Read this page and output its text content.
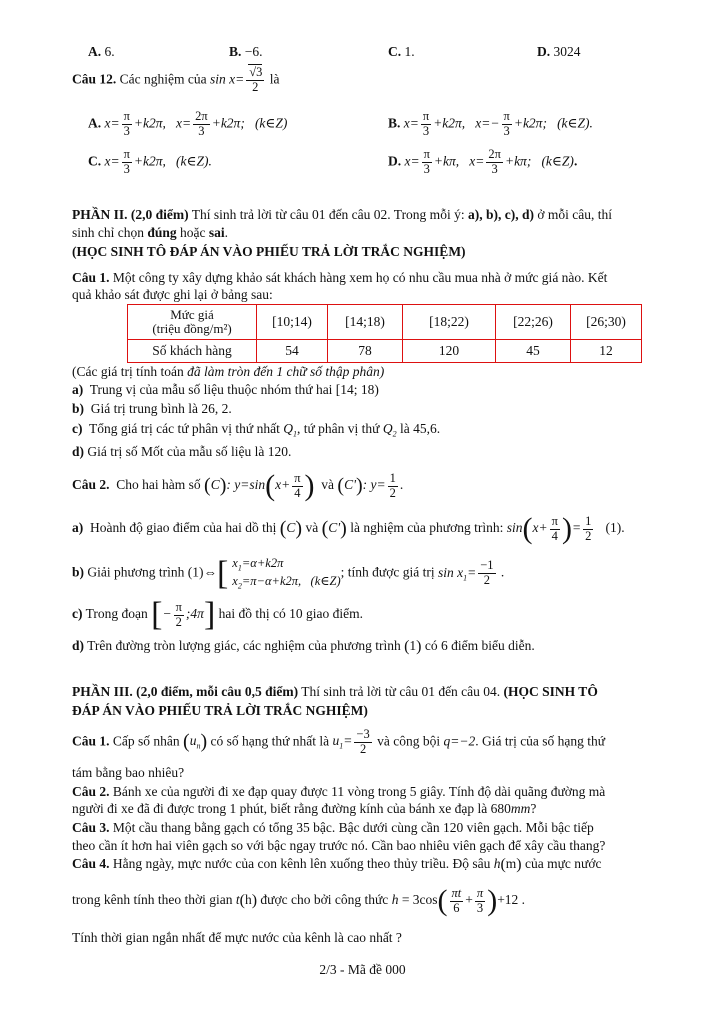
A. 6.	B. −6.	C. 1.	D. 3024
Câu 12. Các nghiệm của $\sin x= \frac{√3}{2}$ là
A. $x= \frac{\pi}{3} +k2\pi$,   $x= \frac{2\pi}{3} +k2\pi$;   (k∈Z)	B. $x= \frac{\pi}{3} +k2\pi$,   $x=- \frac{\pi}{3} +k2\pi$;   (k∈Z).
C. $x= \frac{\pi}{3} +k2\pi$,   (k∈Z).	D. $x= \frac{\pi}{3} +k\pi$,   $x= \frac{2\pi}{3} +k\pi$;   (k∈Z).
PHẦN II. (2,0 điểm) Thí sinh trả lời từ câu 01 đến câu 02. Trong mỗi ý: a), b), c), d) ở mỗi câu, thí
sinh chỉ chọn đúng hoặc sai.
(HỌC SINH TÔ ĐÁP ÁN VÀO PHIẾU TRẢ LỜI TRẮC NGHIỆM)
Câu 1. Một công ty xây dựng khảo sát khách hàng xem họ có nhu cầu mua nhà ở mức giá nào. Kết
quả khảo sát được ghi lại ở bảng sau:
Mức giá
(triệu đồng/m²)	[10;14)	[14;18)	[18;22)	[22;26)	[26;30)
Số khách hàng	54	78	120	45	12
(Các giá trị tính toán đã làm tròn đến 1 chữ số thập phân)
a) Trung vị của mẫu số liệu thuộc nhóm thứ hai [14; 18)
b) Giá trị trung bình là 26, 2.
c) Tổng giá trị các tứ phân vị thứ nhất $Q_1$, tứ phân vị thứ $Q_2$ là 45,6.
d) Giá trị số Mốt của mẫu số liệu là 120.
Câu 2. Cho hai hàm số (C): $y=\sin(x+ \frac{\pi}{4}$ ) và (C'): $y= \frac{1}{2}$ .
a) Hoành độ giao điểm của hai dồ thị (C) và (C') là nghiệm của phương trình: $\sin(x+ \frac{\pi}{4}$ )= $\frac{1}{2} (1)$.
b) Giải phương trình (1)⇔[ $x_1=\alpha+k2\pi$
$x_2=\pi-\alpha+k2\pi$,   (k∈Z)
; tính được giá trị $\sin x_1= \frac{-1}{2}$ .
c) Trong đoạn [− $\frac{\pi}{2}$ ;4π] hai đồ thị có 10 giao điểm.
d) Trên đường tròn lượng giác, các nghiệm của phương trình (1) có 6 điểm biểu diễn.
PHẦN III. (2,0 điểm, mỗi câu 0,5 điểm) Thí sinh trả lời từ câu 01 đến câu 04. (HỌC SINH TÔ
ĐÁP ÁN VÀO PHIẾU TRẢ LỜI TRẮC NGHIỆM)
Câu 1. Cấp số nhân $(u_n)$ có số hạng thứ nhất là $u_1= \frac{-3}{2}$ và công bội q=−2. Giá trị của số hạng thứ
tám bằng bao nhiêu?
Câu 2. Bánh xe của người đi xe đạp quay được 11 vòng trong 5 giây. Tính độ dài quãng đường mà
người đi xe đã đi được trong 1 phút, biết rằng đường kính của bánh xe đạp là 680mm?
Câu 3. Một cầu thang bằng gạch có tổng 35 bậc. Bậc dưới cùng cần 120 viên gạch. Mỗi bậc tiếp
theo cần ít hơn hai viên gạch so với bậc ngay trước nó. Cần bao nhiêu viên gạch để xây cầu thang?
Câu 4. Hằng ngày, mực nước của con kênh lên xuống theo thủy triều. Độ sâu h(m) của mực nước
trong kênh tính theo thời gian t(h) được cho bởi công thức $h = 3\cos( \frac{\pi t}{6} + \frac{\pi}{3} )+12$ .
Tính thời gian ngắn nhất để mực nước của kênh là cao nhất ?
2/3 - Mã đề 000
